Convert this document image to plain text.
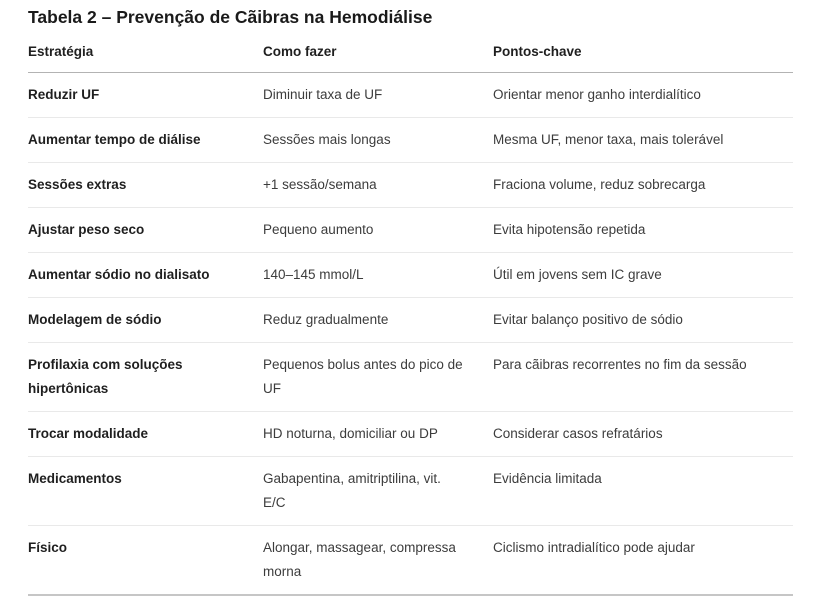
Tabela 2 – Prevenção de Cãibras na Hemodiálise
Estratégia	Como fazer	Pontos-chave
Reduzir UF	Diminuir taxa de UF	Orientar menor ganho interdialítico
Aumentar tempo de diálise	Sessões mais longas	Mesma UF, menor taxa, mais tolerável
Sessões extras	+1 sessão/semana	Fraciona volume, reduz sobrecarga
Ajustar peso seco	Pequeno aumento	Evita hipotensão repetida
Aumentar sódio no dialisato	140–145 mmol/L	Útil em jovens sem IC grave
Modelagem de sódio	Reduz gradualmente	Evitar balanço positivo de sódio
Profilaxia com soluções hipertônicas	Pequenos bolus antes do pico de UF	Para cãibras recorrentes no fim da sessão
Trocar modalidade	HD noturna, domiciliar ou DP	Considerar casos refratários
Medicamentos	Gabapentina, amitriptilina, vit. E/C	Evidência limitada
Físico	Alongar, massagear, compressa morna	Ciclismo intradialítico pode ajudar
